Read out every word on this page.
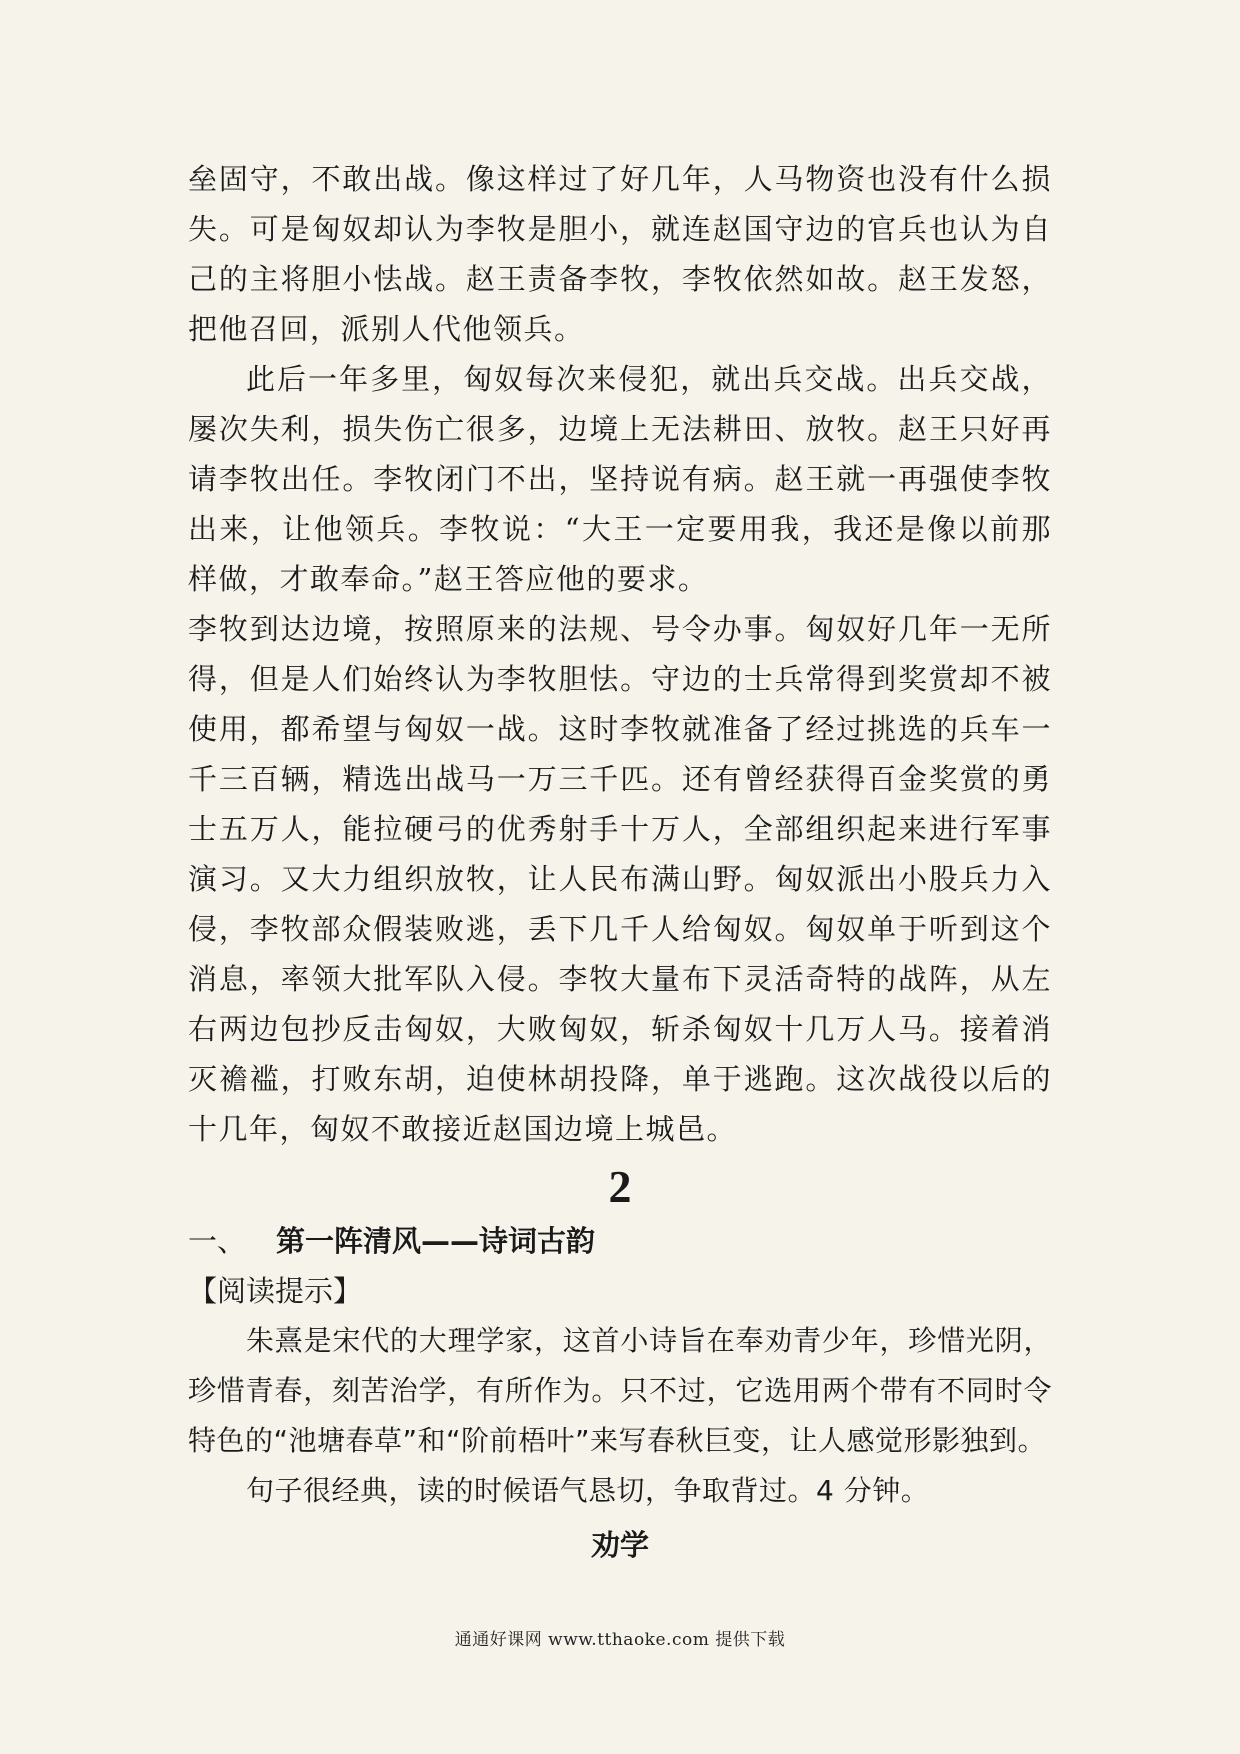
垒固守，不敢出战。像这样过了好几年，人马物资也没有什么损失。可是匈奴却认为李牧是胆小，就连赵国守边的官兵也认为自己的主将胆小怯战。赵王责备李牧，李牧依然如故。赵王发怒，把他召回，派别人代他领兵。

此后一年多里，匈奴每次来侵犯，就出兵交战。出兵交战，屡次失利，损失伤亡很多，边境上无法耕田、放牧。赵王只好再请李牧出任。李牧闭门不出，坚持说有病。赵王就一再强使李牧出来，让他领兵。李牧说：“大王一定要用我，我还是像以前那样做，才敢奉命。”赵王答应他的要求。

李牧到达边境，按照原来的法规、号令办事。匈奴好几年一无所得，但是人们始终认为李牧胆怯。守边的士兵常得到奖赏却不被使用，都希望与匈奴一战。这时李牧就准备了经过挑选的兵车一千三百辆，精选出战马一万三千匹。还有曾经获得百金奖赏的勇士五万人，能拉硬弓的优秀射手十万人，全部组织起来进行军事演习。又大力组织放牧，让人民布满山野。匈奴派出小股兵力入侵，李牧部众假装败逃，丢下几千人给匈奴。匈奴单于听到这个消息，率领大批军队入侵。李牧大量布下灵活奇特的战阵，从左右两边包抄反击匈奴，大败匈奴，斩杀匈奴十几万人马。接着消灭襜褴，打败东胡，迫使林胡投降，单于逃跑。这次战役以后的十几年，匈奴不敢接近赵国边境上城邑。

2
一、	第一阵清风——诗词古韵

【阅读提示】

朱熹是宋代的大理学家，这首小诗旨在奉劝青少年，珍惜光阴，珍惜青春，刻苦治学，有所作为。只不过，它选用两个带有不同时令特色的“池塘春草”和“阶前梧叶”来写春秋巨变，让人感觉形影独到。

句子很经典，读的时候语气恳切，争取背过。4 分钟。

劝学
通通好课网 www.tthaoke.com 提供下载
